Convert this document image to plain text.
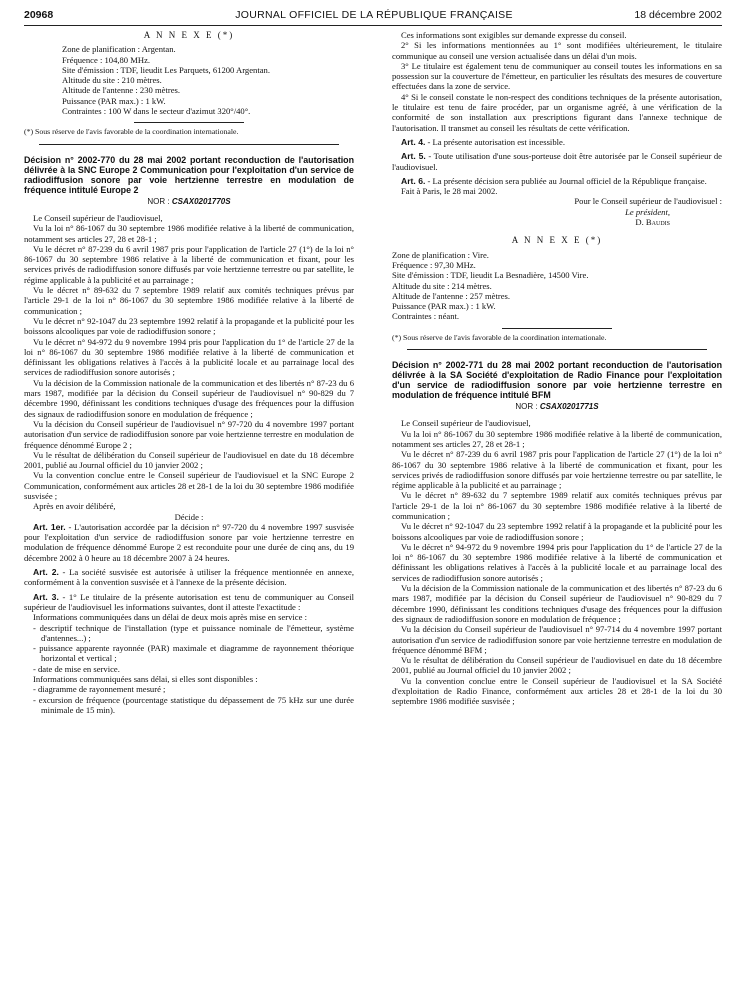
20968	JOURNAL OFFICIEL DE LA RÉPUBLIQUE FRANÇAISE	18 décembre 2002
A N N E X E (*)

Zone de planification : Argentan.

Fréquence : 104,80 MHz.

Site d'émission : TDF, lieudit Les Parquets, 61200 Argentan.

Altitude du site : 210 mètres.

Altitude de l'antenne : 230 mètres.

Puissance (PAR max.) : 1 kW.

Contraintes : 100 W dans le secteur d'azimut 320°/40°.

(*) Sous réserve de l'avis favorable de la coordination internationale.

Décision n° 2002-770 du 28 mai 2002 portant reconduction de l'autorisation délivrée à la SNC Europe 2 Communication pour l'exploitation d'un service de radiodiffusion sonore par voie hertzienne terrestre en modulation de fréquence intitulé Europe 2
NOR : CSAX0201770S

Le Conseil supérieur de l'audiovisuel,

Vu la loi n° 86-1067 du 30 septembre 1986 modifiée relative à la liberté de communication, notamment ses articles 27, 28 et 28-1 ;

Vu le décret n° 87-239 du 6 avril 1987 pris pour l'application de l'article 27 (1°) de la loi n° 86-1067 du 30 septembre 1986 relative à la liberté de communication et fixant, pour les services privés de radiodiffusion sonore diffusés par voie hertzienne terrestre ou par satellite, le régime applicable à la publicité et au parrainage ;

Vu le décret n° 89-632 du 7 septembre 1989 relatif aux comités techniques prévus par l'article 29-1 de la loi n° 86-1067 du 30 septembre 1986 modifiée relative à la liberté de communication ;

Vu le décret n° 92-1047 du 23 septembre 1992 relatif à la propagande et la publicité pour les boissons alcooliques par voie de radiodiffusion sonore ;

Vu le décret n° 94-972 du 9 novembre 1994 pris pour l'application du 1° de l'article 27 de la loi n° 86-1067 du 30 septembre 1986 modifiée relative à la liberté de communication et définissant les obligations relatives à l'accès à la publicité locale et au parrainage local des services de radiodiffusion sonore autorisés ;

Vu la décision de la Commission nationale de la communication et des libertés n° 87-23 du 6 mars 1987, modifiée par la décision du Conseil supérieur de l'audiovisuel n° 90-829 du 7 décembre 1990, définissant les conditions techniques d'usage des fréquences pour la diffusion des signaux de radiodiffusion sonore en modulation de fréquence ;

Vu la décision du Conseil supérieur de l'audiovisuel n° 97-720 du 4 novembre 1997 portant autorisation d'un service de radiodiffusion sonore par voie hertzienne terrestre en modulation de fréquence dénommé Europe 2 ;

Vu le résultat de délibération du Conseil supérieur de l'audiovisuel en date du 18 décembre 2001, publié au Journal officiel du 10 janvier 2002 ;

Vu la convention conclue entre le Conseil supérieur de l'audiovisuel et la SNC Europe 2 Communication, conformément aux articles 28 et 28-1 de la loi du 30 septembre 1986 modifiée susvisée ;

Après en avoir délibéré,

Décide :

Art. 1er. - L'autorisation accordée par la décision n° 97-720 du 4 novembre 1997 susvisée pour l'exploitation d'un service de radiodiffusion sonore par voie hertzienne terrestre en modulation de fréquence dénommé Europe 2 est reconduite pour une durée de cinq ans, du 19 décembre 2002 à 0 heure au 18 décembre 2007 à 24 heures.

Art. 2. - La société susvisée est autorisée à utiliser la fréquence mentionnée en annexe, conformément à la convention susvisée et à l'annexe de la présente décision.

Art. 3. - 1° Le titulaire de la présente autorisation est tenu de communiquer au Conseil supérieur de l'audiovisuel les informations suivantes, dont il atteste l'exactitude :

Informations communiquées dans un délai de deux mois après mise en service :

- descriptif technique de l'installation (type et puissance nominale de l'émetteur, système d'antennes...) ;

- puissance apparente rayonnée (PAR) maximale et diagramme de rayonnement théorique horizontal et vertical ;

- date de mise en service.

Informations communiquées sans délai, si elles sont disponibles :

- diagramme de rayonnement mesuré ;

- excursion de fréquence (pourcentage statistique du dépassement de 75 kHz sur une durée minimale de 15 min).

Ces informations sont exigibles sur demande expresse du conseil.

2° Si les informations mentionnées au 1° sont modifiées ultérieurement, le titulaire communique au conseil une version actualisée dans un délai d'un mois.

3° Le titulaire est également tenu de communiquer au conseil toutes les informations en sa possession sur la couverture de l'émetteur, en particulier les résultats des mesures de couverture effectuées dans la zone de service.

4° Si le conseil constate le non-respect des conditions techniques de la présente autorisation, le titulaire est tenu de faire procéder, par un organisme agréé, à une vérification de la conformité de son installation aux prescriptions figurant dans l'annexe technique de l'autorisation. Il transmet au conseil les résultats de cette vérification.

Art. 4. - La présente autorisation est incessible.

Art. 5. - Toute utilisation d'une sous-porteuse doit être autorisée par le Conseil supérieur de l'audiovisuel.

Art. 6. - La présente décision sera publiée au Journal officiel de la République française.

Fait à Paris, le 28 mai 2002.

Pour le Conseil supérieur de l'audiovisuel :

Le président,

D. Baudis

A N N E X E (*)

Zone de planification : Vire.

Fréquence : 97,30 MHz.

Site d'émission : TDF, lieudit La Besnadière, 14500 Vire.

Altitude du site : 214 mètres.

Altitude de l'antenne : 257 mètres.

Puissance (PAR max.) : 1 kW.

Contraintes : néant.

(*) Sous réserve de l'avis favorable de la coordination internationale.

Décision n° 2002-771 du 28 mai 2002 portant reconduction de l'autorisation délivrée à la SA Société d'exploitation de Radio Finance pour l'exploitation d'un service de radiodiffusion sonore par voie hertzienne terrestre en modulation de fréquence intitulé BFM
NOR : CSAX0201771S

Le Conseil supérieur de l'audiovisuel,

Vu la loi n° 86-1067 du 30 septembre 1986 modifiée relative à la liberté de communication, notamment ses articles 27, 28 et 28-1 ;

Vu le décret n° 87-239 du 6 avril 1987 pris pour l'application de l'article 27 (1°) de la loi n° 86-1067 du 30 septembre 1986 relative à la liberté de communication et fixant, pour les services privés de radiodiffusion sonore diffusés par voie hertzienne terrestre ou par satellite, le régime applicable à la publicité et au parrainage ;

Vu le décret n° 89-632 du 7 septembre 1989 relatif aux comités techniques prévus par l'article 29-1 de la loi n° 86-1067 du 30 septembre 1986 modifiée relative à la liberté de communication ;

Vu le décret n° 92-1047 du 23 septembre 1992 relatif à la propagande et la publicité pour les boissons alcooliques par voie de radiodiffusion sonore ;

Vu le décret n° 94-972 du 9 novembre 1994 pris pour l'application du 1° de l'article 27 de la loi n° 86-1067 du 30 septembre 1986 modifiée relative à la liberté de communication et définissant les obligations relatives à l'accès à la publicité locale et au parrainage local des services de radiodiffusion sonore autorisés ;

Vu la décision de la Commission nationale de la communication et des libertés n° 87-23 du 6 mars 1987, modifiée par la décision du Conseil supérieur de l'audiovisuel n° 90-829 du 7 décembre 1990, définissant les conditions techniques d'usage des fréquences pour la diffusion des signaux de radiodiffusion sonore en modulation de fréquence ;

Vu la décision du Conseil supérieur de l'audiovisuel n° 97-714 du 4 novembre 1997 portant autorisation d'un service de radiodiffusion sonore par voie hertzienne terrestre en modulation de fréquence dénommé BFM ;

Vu le résultat de délibération du Conseil supérieur de l'audiovisuel en date du 18 décembre 2001, publié au Journal officiel du 10 janvier 2002 ;

Vu la convention conclue entre le Conseil supérieur de l'audiovisuel et la SA Société d'exploitation de Radio Finance, conformément aux articles 28 et 28-1 de la loi du 30 septembre 1986 modifiée susvisée ;
